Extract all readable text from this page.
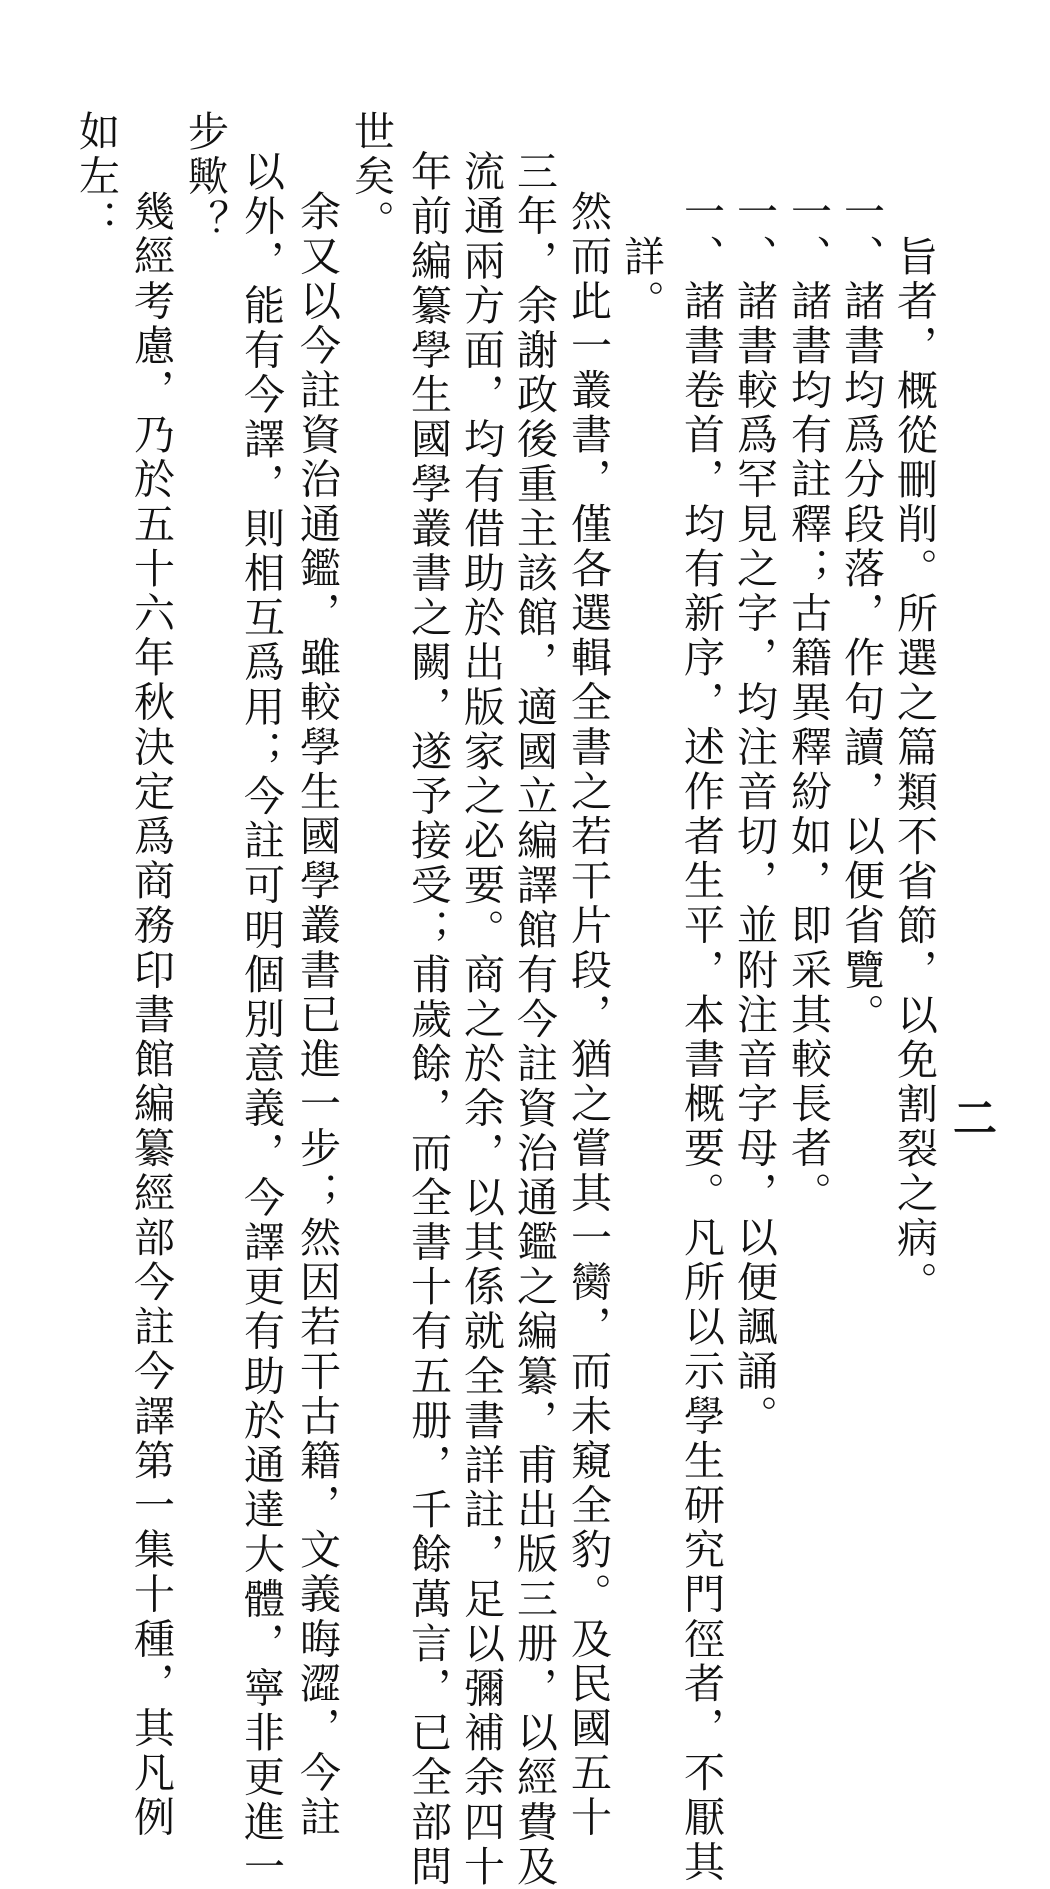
旨者，概從刪削。所選之篇類不省節，以免割裂之病。
一、諸書均爲分段落，作句讀，以便省覽。
一、諸書均有註釋；古籍異釋紛如，即采其較長者。
一、諸書較爲罕見之字，均注音切，並附注音字母，以便諷誦。
一、諸書卷首，均有新序，述作者生平，本書概要。凡所以示學生研究門徑者，不厭其
詳。
然而此一叢書，僅各選輯全書之若干片段，猶之嘗其一臠，而未窺全豹。及民國五十
三年，余謝政後重主該館，適國立編譯館有今註資治通鑑之編纂，甫出版三册，以經費及
流通兩方面，均有借助於出版家之必要。商之於余，以其係就全書詳註，足以彌補余四十
年前編纂學生國學叢書之闕，遂予接受；甫歲餘，而全書十有五册，千餘萬言，已全部問
世矣。
余又以今註資治通鑑，雖較學生國學叢書已進一步；然因若干古籍，文義晦澀，今註
以外，能有今譯，則相互爲用；今註可明個別意義，今譯更有助於通達大體，寧非更進一
步歟？
幾經考慮，乃於五十六年秋決定爲商務印書館編纂經部今註今譯第一集十種，其凡例
如左：
二
